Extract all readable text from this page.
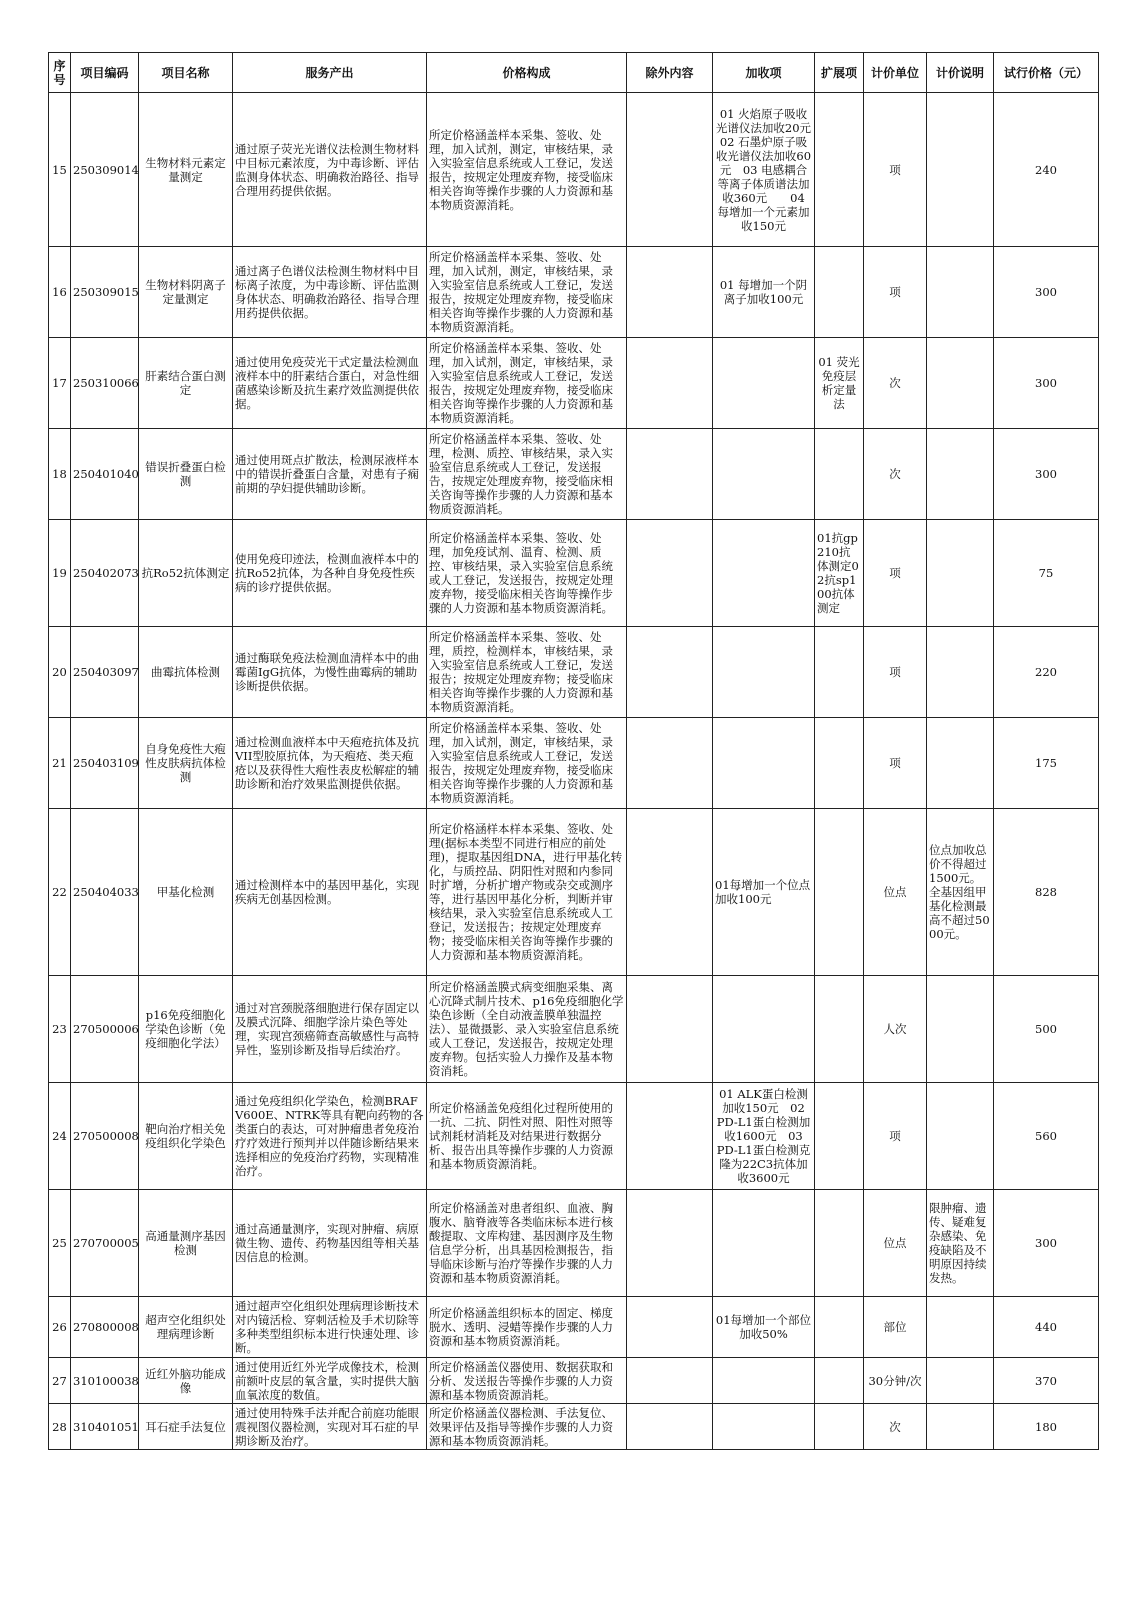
序号	项目编码	项目名称	服务产出	价格构成	除外内容	加收项	扩展项	计价单位	计价说明	试行价格（元）
15	250309014	生物材料元素定量测定	通过原子荧光光谱仪法检测生物材料中目标元素浓度，为中毒诊断、评估监测身体状态、明确救治路径、指导合理用药提供依据。	所定价格涵盖样本采集、签收、处理，加入试剂，测定，审核结果，录入实验室信息系统或人工登记，发送报告，按规定处理废弃物，接受临床相关咨询等操作步骤的人力资源和基本物质资源消耗。		01 火焰原子吸收光谱仪法加收20元　　02 石墨炉原子吸收光谱仪法加收60元　03 电感耦合等离子体质谱法加收360元　　04 每增加一个元素加收150元		项		240
16	250309015	生物材料阴离子定量测定	通过离子色谱仪法检测生物材料中目标离子浓度，为中毒诊断、评估监测身体状态、明确救治路径、指导合理用药提供依据。	所定价格涵盖样本采集、签收、处理，加入试剂，测定，审核结果，录入实验室信息系统或人工登记，发送报告，按规定处理废弃物，接受临床相关咨询等操作步骤的人力资源和基本物质资源消耗。		01 每增加一个阴离子加收100元		项		300
17	250310066	肝素结合蛋白测定	通过使用免疫荧光干式定量法检测血液样本中的肝素结合蛋白，对急性细菌感染诊断及抗生素疗效监测提供依据。	所定价格涵盖样本采集、签收、处理，加入试剂，测定，审核结果，录入实验室信息系统或人工登记，发送报告，按规定处理废弃物，接受临床相关咨询等操作步骤的人力资源和基本物质资源消耗。			01 荧光免疫层析定量法	次		300
18	250401040	错误折叠蛋白检测	通过使用斑点扩散法，检测尿液样本中的错误折叠蛋白含量，对患有子痫前期的孕妇提供辅助诊断。	所定价格涵盖样本采集、签收、处理，检测、质控、审核结果，录入实验室信息系统或人工登记，发送报告，按规定处理废弃物，接受临床相关咨询等操作步骤的人力资源和基本物质资源消耗。				次		300
19	250402073	抗Ro52抗体测定	使用免疫印迹法，检测血液样本中的抗Ro52抗体，为各种自身免疫性疾病的诊疗提供依据。	所定价格涵盖样本采集、签收、处理，加免疫试剂、温育、检测、质控、审核结果，录入实验室信息系统或人工登记，发送报告，按规定处理废弃物，接受临床相关咨询等操作步骤的人力资源和基本物质资源消耗。			01抗gp210抗体测定02抗sp100抗体测定	项		75
20	250403097	曲霉抗体检测	通过酶联免疫法检测血清样本中的曲霉菌IgG抗体，为慢性曲霉病的辅助诊断提供依据。	所定价格涵盖样本采集、签收、处理，质控，检测样本，审核结果，录入实验室信息系统或人工登记，发送报告；按规定处理废弃物；接受临床相关咨询等操作步骤的人力资源和基本物质资源消耗。				项		220
21	250403109	自身免疫性大疱性皮肤病抗体检测	通过检测血液样本中天疱疮抗体及抗VII型胶原抗体，为天疱疮、类天疱疮以及获得性大疱性表皮松解症的辅助诊断和治疗效果监测提供依据。	所定价格涵盖样本采集、签收、处理，加入试剂，测定，审核结果，录入实验室信息系统或人工登记，发送报告，按规定处理废弃物，接受临床相关咨询等操作步骤的人力资源和基本物质资源消耗。				项		175
22	250404033	甲基化检测	通过检测样本中的基因甲基化，实现疾病无创基因检测。	所定价格涵样本样本采集、签收、处理(据标本类型不同进行相应的前处理)，提取基因组DNA，进行甲基化转化，与质控品、阴阳性对照和内参同时扩增，分析扩增产物或杂交或测序等，进行基因甲基化分析，判断并审核结果，录入实验室信息系统或人工登记，发送报告；按规定处理废弃物；接受临床相关咨询等操作步骤的人力资源和基本物质资源消耗。		01每增加一个位点加收100元		位点	位点加收总价不得超过1500元。全基因组甲基化检测最高不超过5000元。	828
23	270500006	p16免疫细胞化学染色诊断（免疫细胞化学法）	通过对宫颈脱落细胞进行保存固定以及膜式沉降、细胞学涂片染色等处理，实现宫颈癌筛查高敏感性与高特异性，鉴别诊断及指导后续治疗。	所定价格涵盖膜式病变细胞采集、离心沉降式制片技术、p16免疫细胞化学染色诊断（全自动液盖膜单独温控法）、显微摄影、录入实验室信息系统或人工登记，发送报告，按规定处理废弃物。包括实验人力操作及基本物资消耗。				人次		500
24	270500008	靶向治疗相关免疫组织化学染色	通过免疫组织化学染色，检测BRAF V600E、NTRK等具有靶向药物的各类蛋白的表达，可对肿瘤患者免疫治疗疗效进行预判并以伴随诊断结果来选择相应的免疫治疗药物，实现精准治疗。	所定价格涵盖免疫组化过程所使用的一抗、二抗、阴性对照、阳性对照等试剂耗材消耗及对结果进行数据分析、报告出具等操作步骤的人力资源和基本物质资源消耗。		01 ALK蛋白检测加收150元　02 PD-L1蛋白检测加收1600元　03 PD-L1蛋白检测克隆为22C3抗体加收3600元		项		560
25	270700005	高通量测序基因检测	通过高通量测序，实现对肿瘤、病原微生物、遗传、药物基因组等相关基因信息的检测。	所定价格涵盖对患者组织、血液、胸腹水、脑脊液等各类临床标本进行核酸提取、文库构建、基因测序及生物信息学分析，出具基因检测报告，指导临床诊断与治疗等操作步骤的人力资源和基本物质资源消耗。				位点	限肿瘤、遗传、疑难复杂感染、免疫缺陷及不明原因持续发热。	300
26	270800008	超声空化组织处理病理诊断	通过超声空化组织处理病理诊断技术对内镜活检、穿刺活检及手术切除等多种类型组织标本进行快速处理、诊断。	所定价格涵盖组织标本的固定、梯度脱水、透明、浸蜡等操作步骤的人力资源和基本物质资源消耗。		01每增加一个部位加收50%		部位		440
27	310100038	近红外脑功能成像	通过使用近红外光学成像技术，检测前额叶皮层的氧含量，实时提供大脑血氧浓度的数值。	所定价格涵盖仪器使用、数据获取和分析、发送报告等操作步骤的人力资源和基本物质资源消耗。				30分钟/次		370
28	310401051	耳石症手法复位	通过使用特殊手法并配合前庭功能眼震视图仪器检测，实现对耳石症的早期诊断及治疗。	所定价格涵盖仪器检测、手法复位、效果评估及指导等操作步骤的人力资源和基本物质资源消耗。				次		180
